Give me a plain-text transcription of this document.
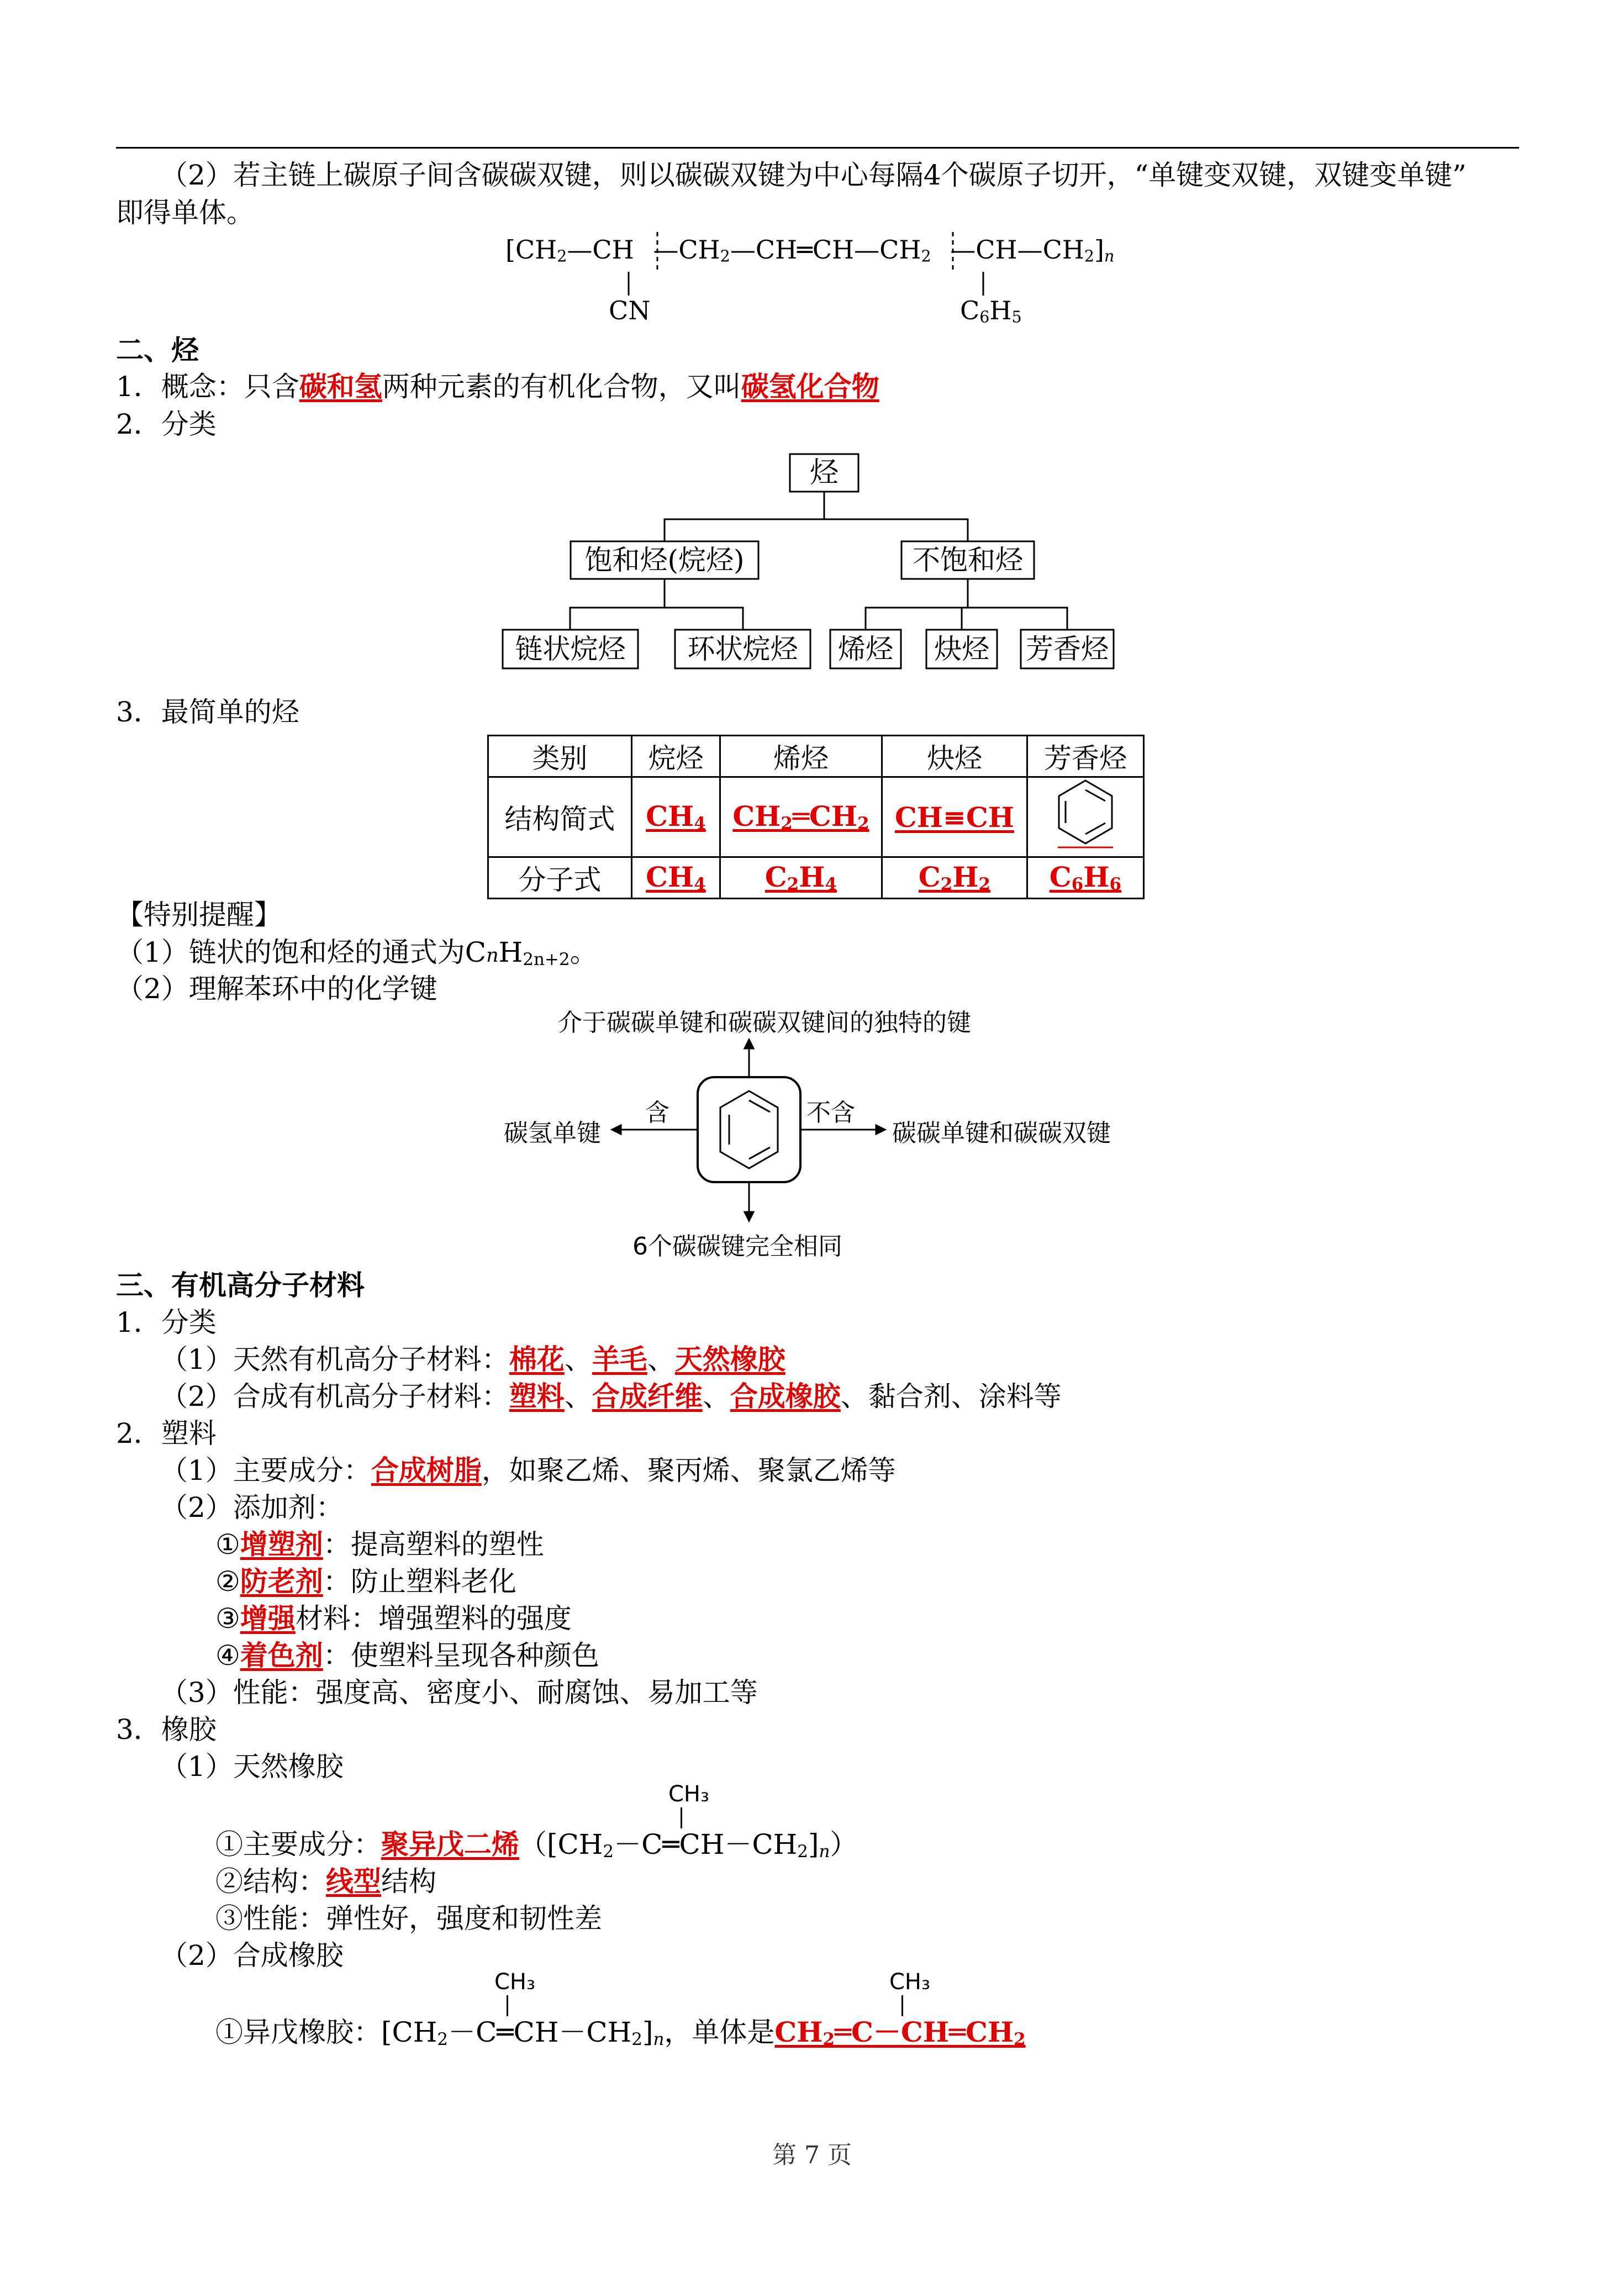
（2）若主链上碳原子间含碳碳双键，则以碳碳双键为中心每隔4个碳原子切开，“单键变双键，双键变单键”
即得单体。
[$CH_2—CH$ $—CH_2—CH═CH—CH_2$ $—CH—CH_2]_n$
CN	$C_6H_5$
二、烃
1．概念：只含碳和氢两种元素的有机化合物，又叫碳氢化合物
2．分类
烃
饱和烃(烷烃)	不饱和烃
链状烷烃	环状烷烃	烯烃 炔烃 芳香烃
3．最简单的烃
类别	烷烃	烯烃	炔烃	芳香烃
结构简式	$CH_4$	$CH_2═CH_2$	CH≡CH	
分子式	$CH_4$	$C_2H_4$	$C_2H_2$	$C_6H_6$
【特别提醒】
（1）链状的饱和烃的通式为CnH$_{2n+2}$。
（2）理解苯环中的化学键
介于碳碳单键和碳碳双键间的独特的键
碳氢单键
含	不含
碳碳单键和碳碳双键
6个碳碳键完全相同
三、有机高分子材料
1．分类
（1）天然有机高分子材料：棉花、羊毛、天然橡胶
（2）合成有机高分子材料：塑料、合成纤维、合成橡胶、黏合剂、涂料等
2．塑料
（1）主要成分：合成树脂，如聚乙烯、聚丙烯、聚氯乙烯等
（2）添加剂：
①增塑剂：提高塑料的塑性
②防老剂：防止塑料老化
③增强材料：增强塑料的强度
④着色剂：使塑料呈现各种颜色
（3）性能：强度高、密度小、耐腐蚀、易加工等
3．橡胶
（1）天然橡胶
CH₃
①主要成分：聚异戊二烯$([CH_2-C═CH-CH_2]_n)$
②结构：线型结构
③性能：弹性好，强度和韧性差
（2）合成橡胶
CH₃	CH₃
①异戊橡胶：$[CH_2-C═CH-CH_2]_n$，单体是$CH_2═C-CH═CH_2$
第 7 页
